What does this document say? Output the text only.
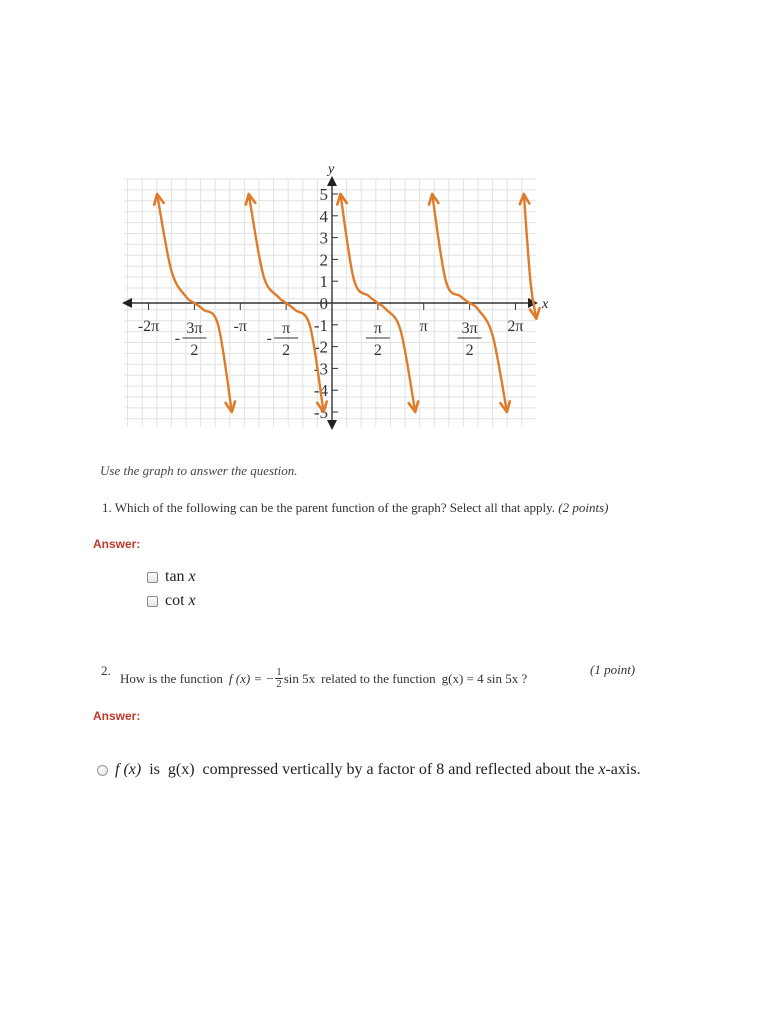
x
y
5
4
3
2
1
0
-1
-2
-3
-4
-5
-2π 3π
2
-
-π π
2
-
π
2
π 3π
2
2π
Use the graph to answer the question.
1. Which of the following can be the parent function of the graph? Select all that apply. (2 points)
Answer:
tan
x
cot
x
2. How is the function f (x) = − $\frac{1}{2}$ sin 5x related to the function g(x) = 4 sin 5x ?
(1 point)
Answer:
f (x)
is
g(x)
compressed vertically by a factor of 8 and reflected about the
x -axis.
